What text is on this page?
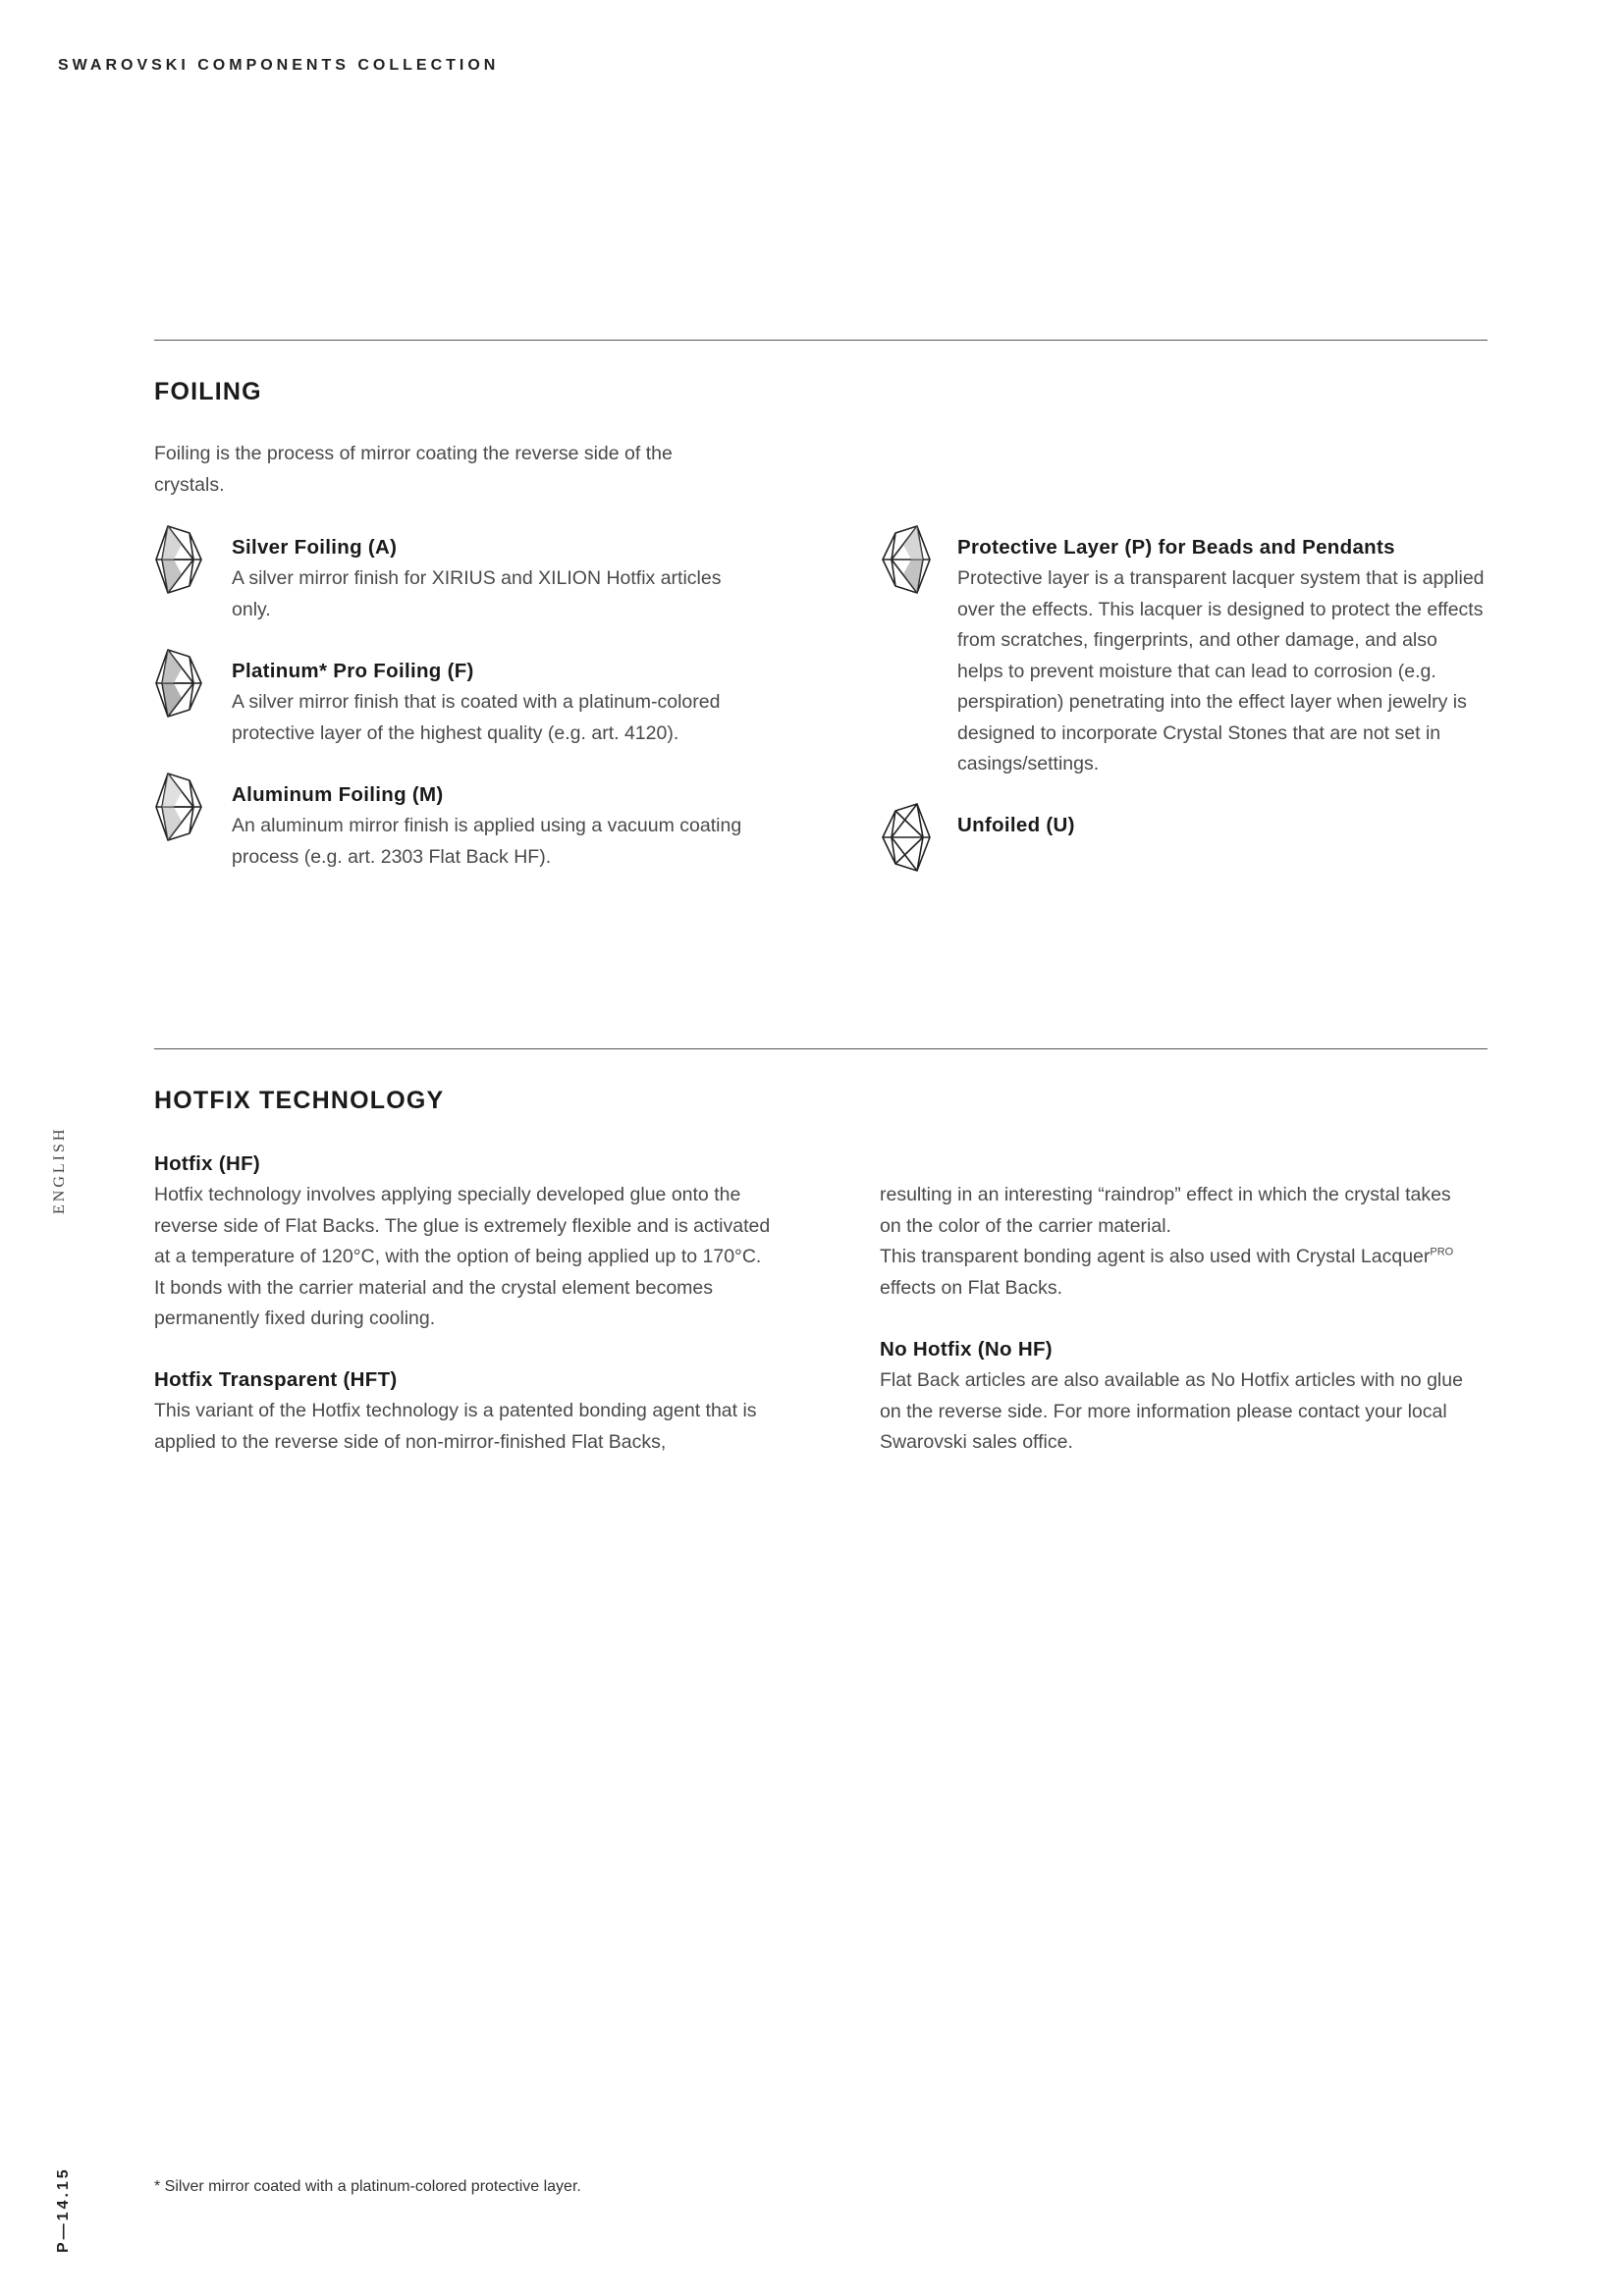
SWAROVSKI COMPONENTS COLLECTION
ENGLISH
P—14.15
FOILING
Foiling is the process of mirror coating the reverse side of the crystals.
Silver Foiling (A)
A silver mirror finish for XIRIUS and XILION Hotfix articles only.
Platinum* Pro Foiling (F)
A silver mirror finish that is coated with a platinum-colored protective layer of the highest quality (e.g. art. 4120).
Aluminum Foiling (M)
An aluminum mirror finish is applied using a vacuum coating process (e.g. art. 2303 Flat Back HF).
Protective Layer (P) for Beads and Pendants
Protective layer is a transparent lacquer system that is applied over the effects. This lacquer is designed to protect the effects from scratches, fingerprints, and other damage, and also helps to prevent moisture that can lead to corrosion (e.g. perspiration) penetrating into the effect layer when jewelry is designed to incorporate Crystal Stones that are not set in casings/settings.
Unfoiled (U)
HOTFIX TECHNOLOGY
Hotfix (HF)
Hotfix technology involves applying specially developed glue onto the reverse side of Flat Backs. The glue is extremely flexible and is activated at a temperature of 120°C, with the option of being applied up to 170°C. It bonds with the carrier material and the crystal element becomes permanently fixed during cooling.
Hotfix Transparent (HFT)
This variant of the Hotfix technology is a patented bonding agent that is applied to the reverse side of non-mirror-finished Flat Backs,
resulting in an interesting “raindrop” effect in which the crystal takes on the color of the carrier material.
This transparent bonding agent is also used with Crystal Lacquer$^{PRO}$ effects on Flat Backs.
No Hotfix (No HF)
Flat Back articles are also available as No Hotfix articles with no glue on the reverse side. For more information please contact your local Swarovski sales office.
* Silver mirror coated with a platinum-colored protective layer.
